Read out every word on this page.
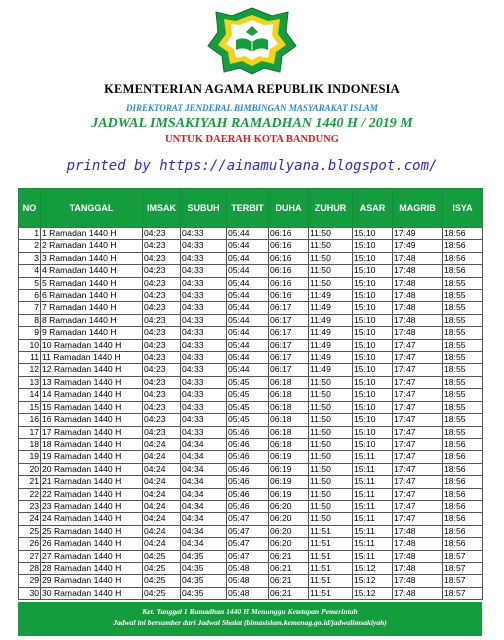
KEMENTERIAN AGAMA REPUBLIK INDONESIA
DIREKTORAT JENDERAL BIMBINGAN MASYARAKAT ISLAM
JADWAL IMSAKIYAH RAMADHAN 1440 H / 2019 M
UNTUK DAERAH KOTA BANDUNG
printed by https://ainamulyana.blogspot.com/
NO	TANGGAL	IMSAK	SUBUH	TERBIT	DUHA	ZUHUR	ASAR	MAGRIB	ISYA
1	1 Ramadan 1440 H	04:23	04:33	05:44	06:16	11:50	15:10	17:49	18:56
2	2 Ramadan 1440 H	04:23	04:33	05:44	06:16	11:50	15:10	17:49	18:56
3	3 Ramadan 1440 H	04:23	04:33	05:44	06:16	11:50	15:10	17:48	18:56
4	4 Ramadan 1440 H	04:23	04:33	05:44	06:16	11:50	15:10	17:48	18:56
5	5 Ramadan 1440 H	04:23	04:33	05:44	06:16	11:50	15:10	17:48	18:55
6	6 Ramadan 1440 H	04:23	04:33	05:44	06:16	11:49	15:10	17:48	18:55
7	7 Ramadan 1440 H	04:23	04:33	05:44	06:17	11:49	15:10	17:48	18:55
8	8 Ramadan 1440 H	04:23	04:33	05:44	06:17	11:49	15:10	17:48	18:55
9	9 Ramadan 1440 H	04:23	04:33	05:44	06:17	11:49	15:10	17:48	18:55
10	10 Ramadan 1440 H	04:23	04:33	05:44	06:17	11:49	15:10	17:47	18:55
11	11 Ramadan 1440 H	04:23	04:33	05:44	06:17	11:49	15:10	17:47	18:55
12	12 Ramadan 1440 H	04:23	04:33	05:44	06:17	11:49	15:10	17:47	18:55
13	13 Ramadan 1440 H	04:23	04:33	05:45	06:18	11:50	15:10	17:47	18:55
14	14 Ramadan 1440 H	04:23	04:33	05:45	06:18	11:50	15:10	17:47	18:55
15	15 Ramadan 1440 H	04:23	04:33	05:45	06:18	11:50	15:10	17:47	18:55
16	16 Ramadan 1440 H	04:23	04:33	05:45	06:18	11:50	15:10	17:47	18:55
17	17 Ramadan 1440 H	04:23	04:33	05:46	06:18	11:50	15:10	17:47	18:55
18	18 Ramadan 1440 H	04:24	04:34	05:46	06:18	11:50	15:10	17:47	18:56
19	19 Ramadan 1440 H	04:24	04:34	05:46	06:19	11:50	15:11	17:47	18:56
20	20 Ramadan 1440 H	04:24	04:34	05:46	06:19	11:50	15:11	17:47	18:56
21	21 Ramadan 1440 H	04:24	04:34	05:46	06:19	11:50	15:11	17:47	18:56
22	22 Ramadan 1440 H	04:24	04:34	05:46	06:19	11:50	15:11	17:47	18:56
23	23 Ramadan 1440 H	04:24	04:34	05:46	06:20	11:50	15:11	17:47	18:56
24	24 Ramadan 1440 H	04:24	04:34	05:47	06:20	11:50	15:11	17:47	18:56
25	25 Ramadan 1440 H	04:24	04:34	05:47	06:20	11:51	15:11	17:48	18:56
26	26 Ramadan 1440 H	04:24	04:34	05:47	06:20	11:51	15:11	17:48	18:56
27	27 Ramadan 1440 H	04:25	04:35	05:47	06:21	11:51	15:11	17:48	18:57
28	28 Ramadan 1440 H	04:25	04:35	05:48	06:21	11:51	15:12	17:48	18:57
29	29 Ramadan 1440 H	04:25	04:35	05:48	06:21	11:51	15:12	17:48	18:57
30	30 Ramadan 1440 H	04:25	04:35	05:48	06:21	11:51	15:12	17:48	18:57
Ket. Tanggal 1 Ramadhan 1440 H Menunggu Ketetapan Pemerintah
Jadwal ini bersumber dari Jadwal Shalat (bimasislam.kemenag.go.id/jadwalimsakiyah)
